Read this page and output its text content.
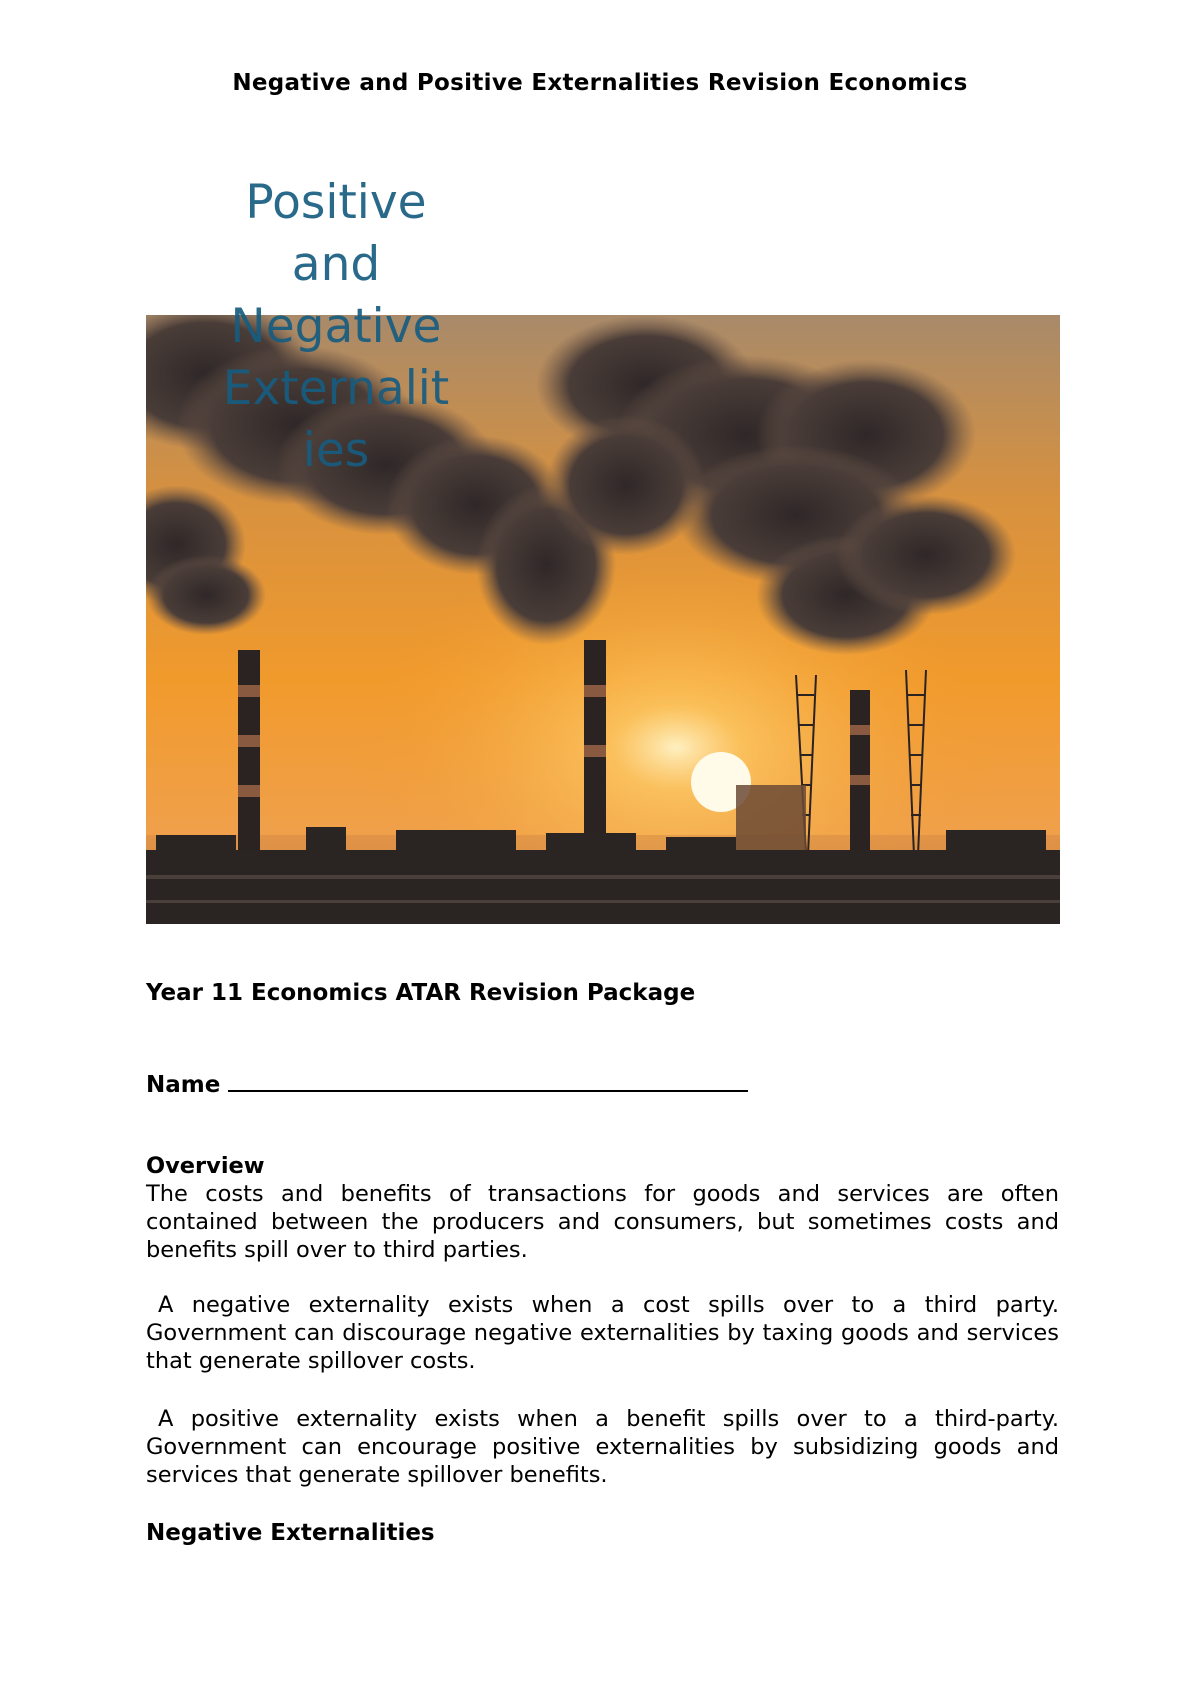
Negative and Positive Externalities Revision Economics
Positive
and
Negative
Externalit
ies
Year 11 Economics ATAR Revision Package
Name
Overview
The costs and benefits of transactions for goods and services are often contained between the producers and consumers, but sometimes costs and benefits spill over to third parties.
A negative externality exists when a cost spills over to a third party. Government can discourage negative externalities by taxing goods and services that generate spillover costs.
A positive externality exists when a benefit spills over to a third-party. Government can encourage positive externalities by subsidizing goods and services that generate spillover benefits.
Negative Externalities
